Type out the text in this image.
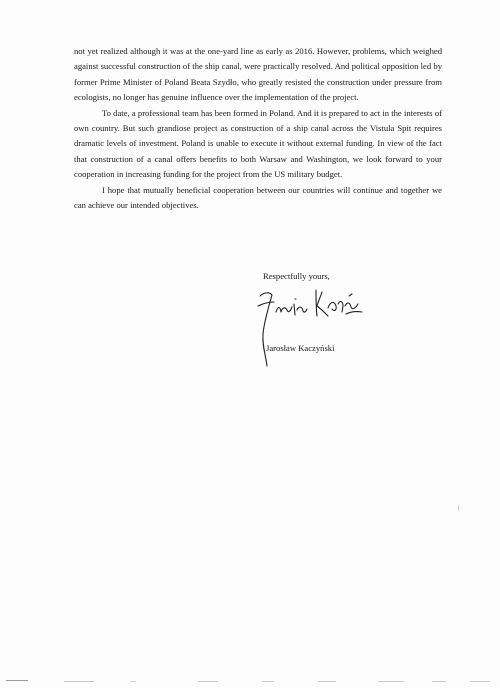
not yet realized although it was at the one-yard line as early as 2016. However, problems, which weighed against successful construction of the ship canal, were practically resolved. And political opposition led by former Prime Minister of Poland Beata Szydło, who greatly resisted the construction under pressure from ecologists, no longer has genuine influence over the implementation of the project.

To date, a professional team has been formed in Poland. And it is prepared to act in the interests of own country. But such grandiose project as construction of a ship canal across the Vistula Spit requires dramatic levels of investment. Poland is unable to execute it without external funding. In view of the fact that construction of a canal offers benefits to both Warsaw and Washington, we look forward to your cooperation in increasing funding for the project from the US military budget.

I hope that mutually beneficial cooperation between our countries will continue and together we can achieve our intended objectives.

Respectfully yours,
Jarosław Kaczyński
